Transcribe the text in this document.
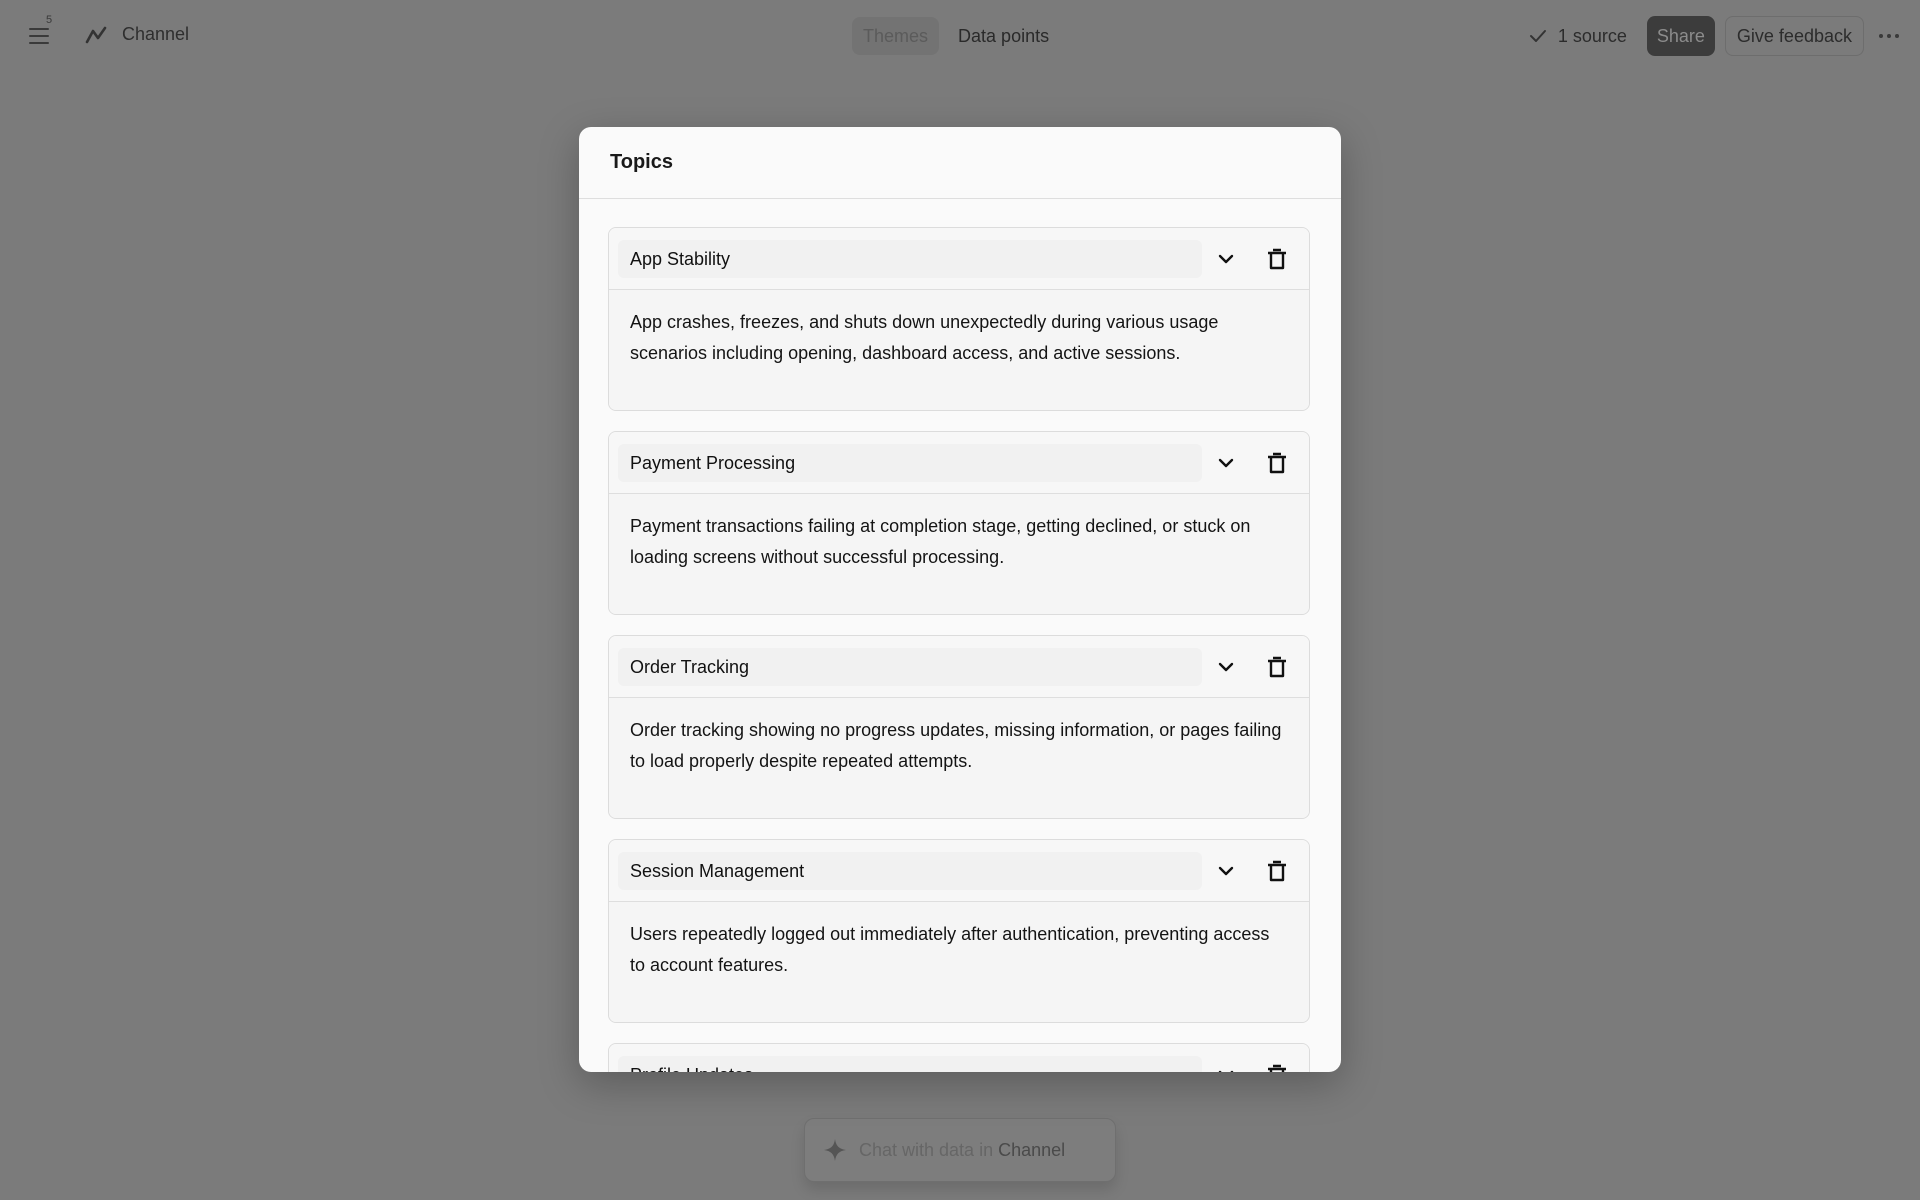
5
Channel	Themes	Data points	1 source	Share	Give feedback
Chat with data in Channel
Topics
App Stability
App crashes, freezes, and shuts down unexpectedly during various usage scenarios including opening, dashboard access, and active sessions.
Payment Processing
Payment transactions failing at completion stage, getting declined, or stuck on loading screens without successful processing.
Order Tracking
Order tracking showing no progress updates, missing information, or pages failing to load properly despite repeated attempts.
Session Management
Users repeatedly logged out immediately after authentication, preventing access to account features.
Profile Updates
